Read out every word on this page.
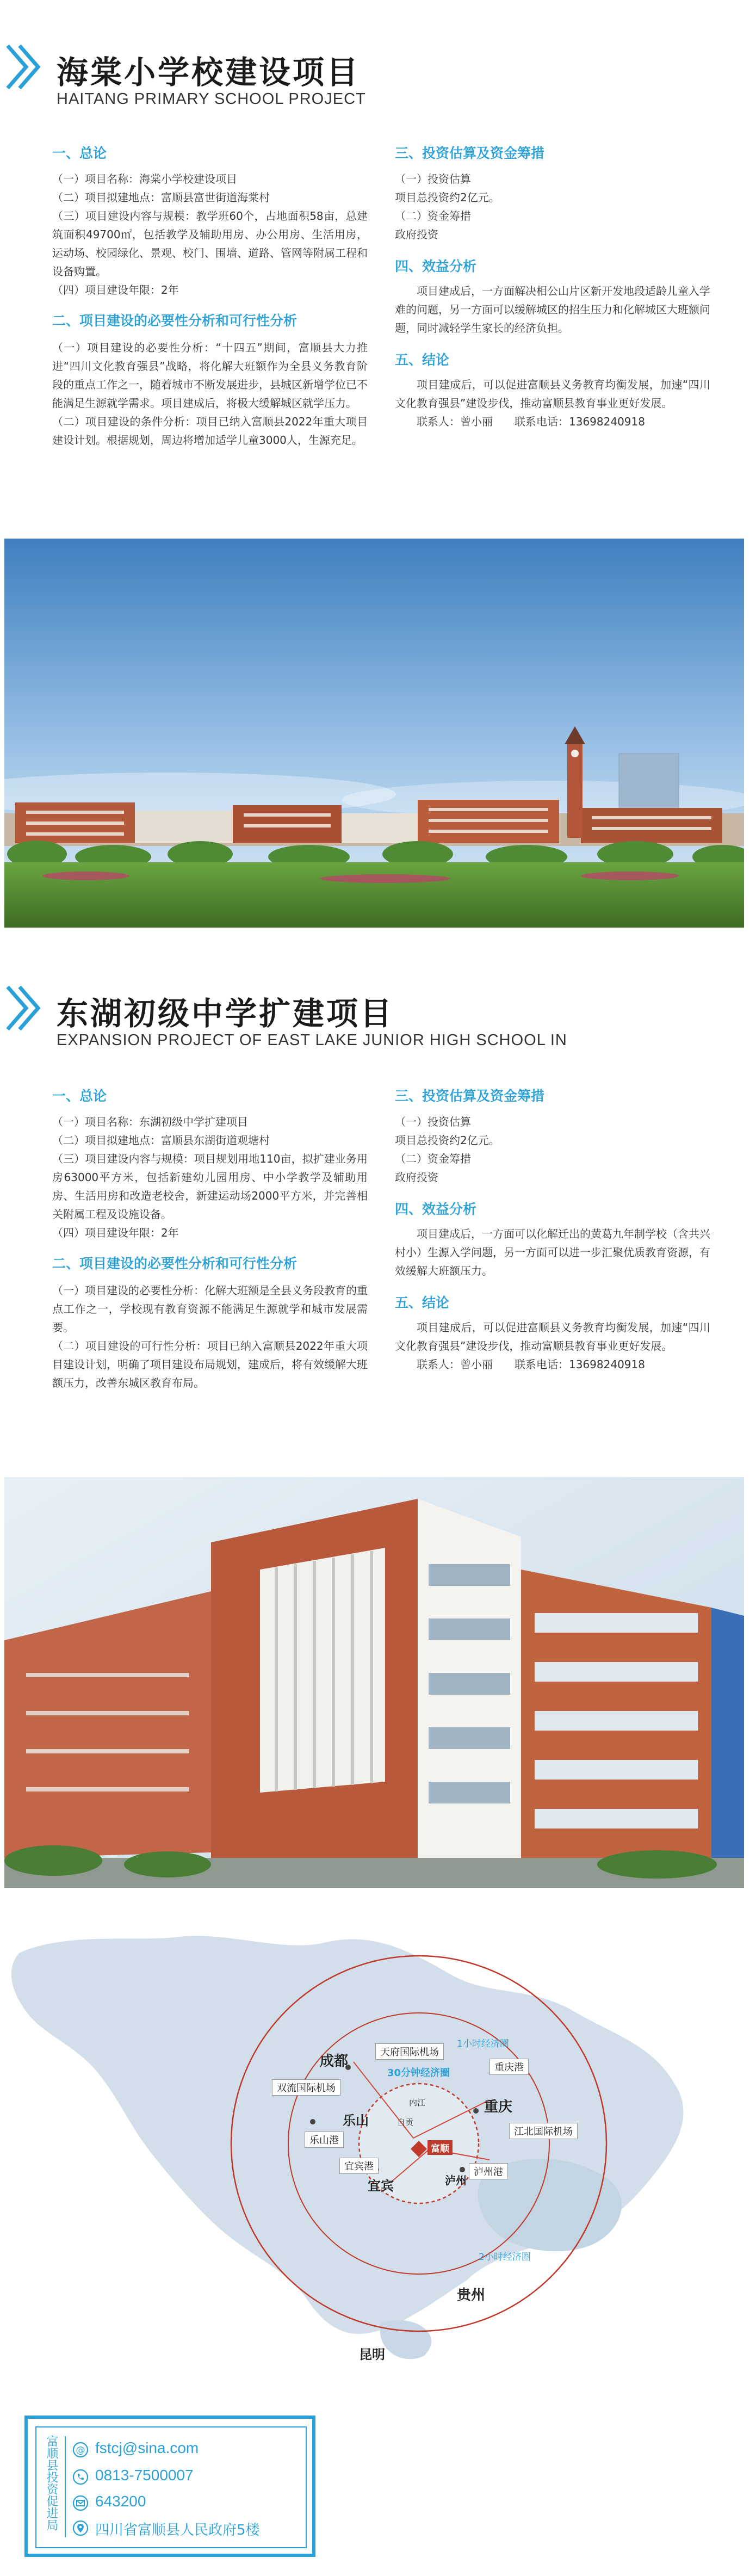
海棠小学校建设项目
HAITANG PRIMARY SCHOOL PROJECT
一、总论

（一）项目名称：海棠小学校建设项目

（二）项目拟建地点：富顺县富世街道海棠村

（三）项目建设内容与规模：教学班60个，占地面积58亩，总建筑面积49700㎡，包括教学及辅助用房、办公用房、生活用房，运动场、校园绿化、景观、校门、围墙、道路、管网等附属工程和设备购置。

（四）项目建设年限：2年

二、项目建设的必要性分析和可行性分析

（一）项目建设的必要性分析：“十四五”期间，富顺县大力推进“四川文化教育强县”战略，将化解大班额作为全县义务教育阶段的重点工作之一，随着城市不断发展进步，县城区新增学位已不能满足生源就学需求。项目建成后，将极大缓解城区就学压力。

（二）项目建设的条件分析：项目已纳入富顺县2022年重大项目建设计划。根据规划，周边将增加适学儿童3000人，生源充足。

三、投资估算及资金筹措

（一）投资估算

项目总投资约2亿元。

（二）资金筹措

政府投资

四、效益分析
项目建成后，一方面解决相公山片区新开发地段适龄儿童入学难的问题，另一方面可以缓解城区的招生压力和化解城区大班额问题，同时减轻学生家长的经济负担。
五、结论
项目建成后，可以促进富顺县义务教育均衡发展，加速“四川文化教育强县”建设步伐，推动富顺县教育事业更好发展。
联系人：曾小丽　　联系电话：13698240918
东湖初级中学扩建项目
EXPANSION PROJECT OF EAST LAKE JUNIOR HIGH SCHOOL IN
一、总论

（一）项目名称：东湖初级中学扩建项目

（二）项目拟建地点：富顺县东湖街道观塘村

（三）项目建设内容与规模：项目规划用地110亩，拟扩建业务用房63000平方米，包括新建幼儿园用房、中小学教学及辅助用房、生活用房和改造老校舍，新建运动场2000平方米，并完善相关附属工程及设施设备。

（四）项目建设年限：2年

二、项目建设的必要性分析和可行性分析

（一）项目建设的必要性分析：化解大班额是全县义务段教育的重点工作之一，学校现有教育资源不能满足生源就学和城市发展需要。

（二）项目建设的可行性分析：项目已纳入富顺县2022年重大项目建设计划，明确了项目建设布局规划，建成后，将有效缓解大班额压力，改善东城区教育布局。

三、投资估算及资金筹措

（一）投资估算

项目总投资约2亿元。

（二）资金筹措

政府投资

四、效益分析
项目建成后，一方面可以化解迁出的黄葛九年制学校（含共兴村小）生源入学问题，另一方面可以进一步汇聚优质教育资源，有效缓解大班额压力。
五、结论
项目建成后，可以促进富顺县义务教育均衡发展，加速“四川文化教育强县”建设步伐，推动富顺县教育事业更好发展。
联系人：曾小丽　　联系电话：13698240918
成都
乐山
宜宾	泸州
重庆
贵州
昆明
自贡
内江
富顺
天府国际机场
双流国际机场
乐山港
宜宾港
重庆港
江北国际机场
泸州港
30分钟经济圈
1小时经济圈
2小时经济圈
富顺县投资促进局 @ fstcj@sina.com
0813-7500007
643200
四川省富顺县人民政府5楼
